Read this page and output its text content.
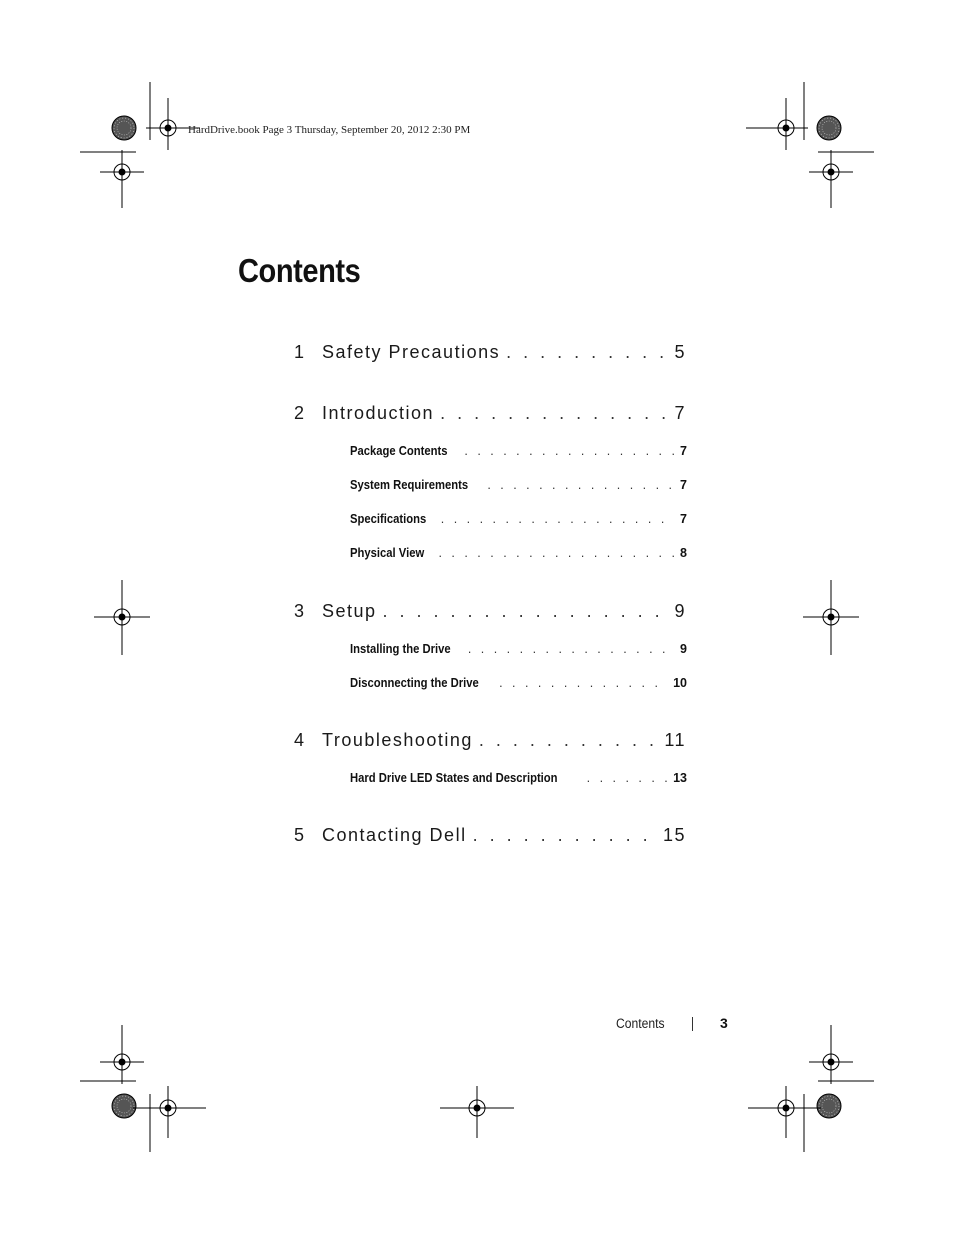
HardDrive.book Page 3 Thursday, September 20, 2012 2:30 PM
Contents
1 Safety Precautions . . .	5
2 Introduction . . .	7
Package Contents . . .	7
System Requirements . . .	7
Specifications . . .	7
Physical View . . .	8
3 Setup . . .	9
Installing the Drive . . .	9
Disconnecting the Drive . . .	10
4 Troubleshooting . . .	11
Hard Drive LED States and Description . . .	13
5 Contacting Dell . . .	15
Contents	3
